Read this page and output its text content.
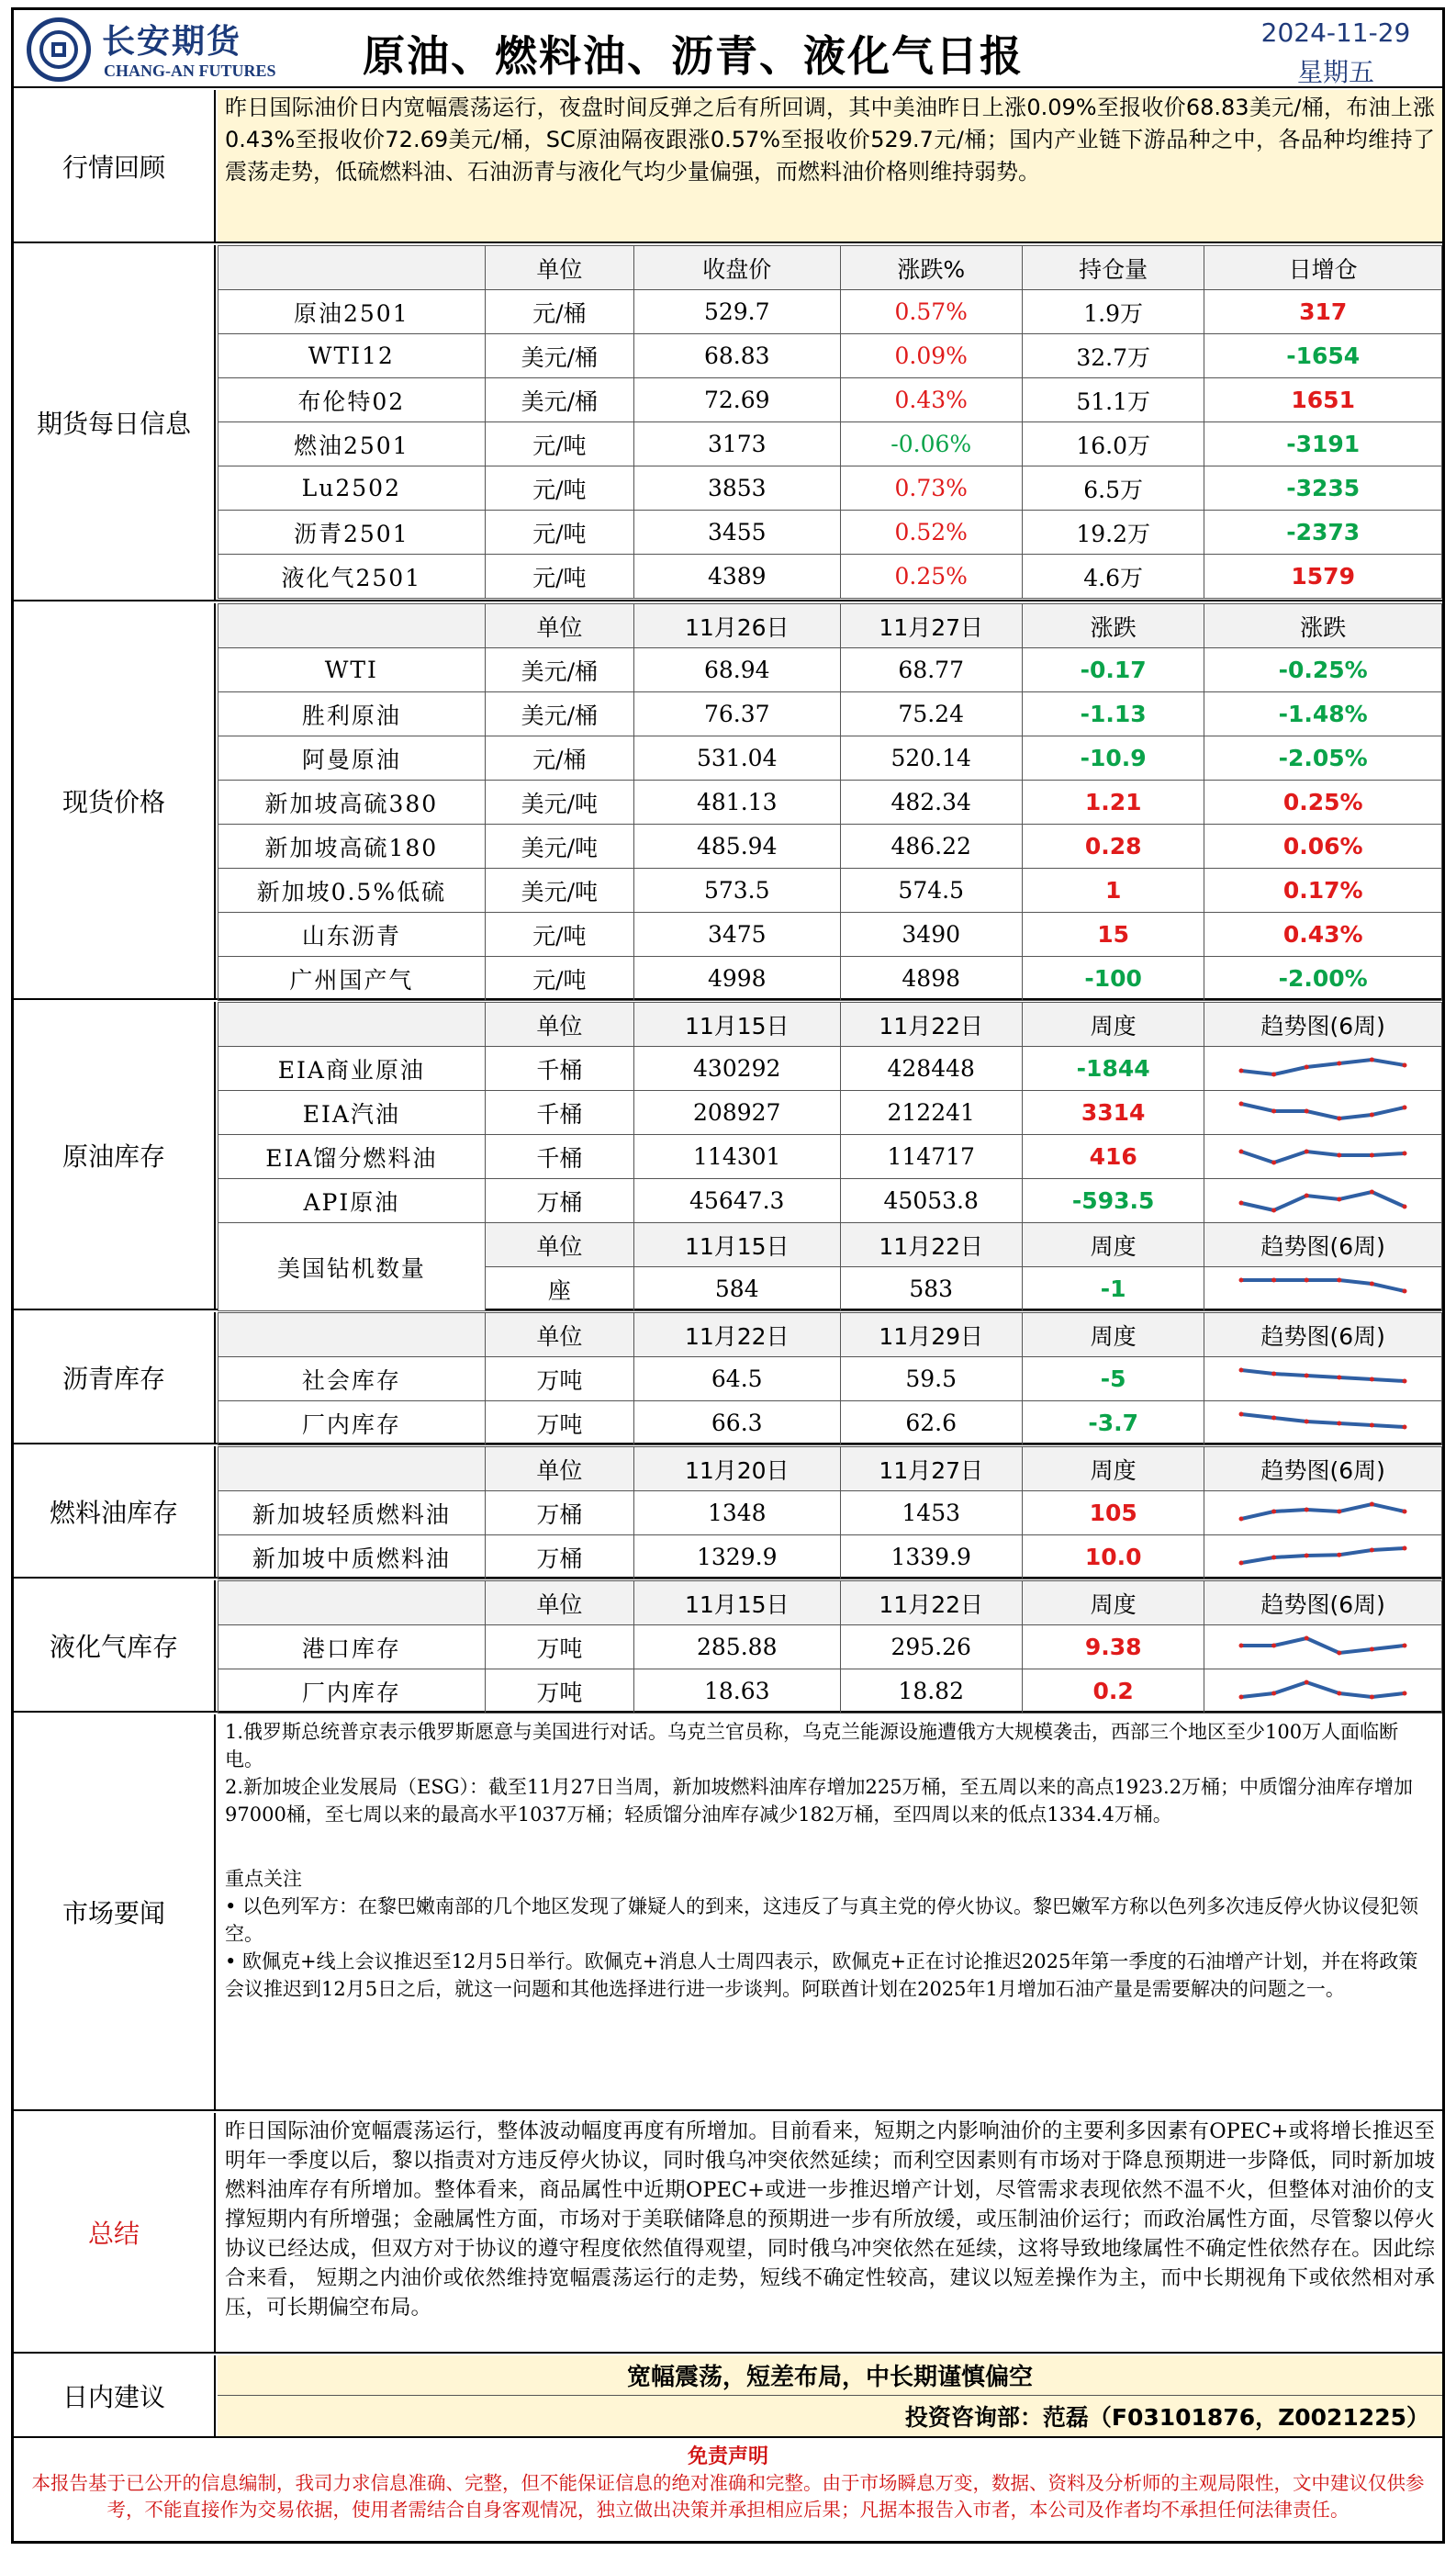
长安期货
CHANG-AN FUTURES	原油、燃料油、沥青、液化气日报	2024-11-29
星期五
行情回顾
昨日国际油价日内宽幅震荡运行，夜盘时间反弹之后有所回调，其中美油昨日上涨0.09%至报收价68.83美元/桶，布油上涨0.43%至报收价72.69美元/桶，SC原油隔夜跟涨0.57%至报收价529.7元/桶；国内产业链下游品种之中，各品种均维持了震荡走势，低硫燃料油、石油沥青与液化气均少量偏强，而燃料油价格则维持弱势。
期货每日信息
	单位	收盘价	涨跌%	持仓量	日增仓
原油2501	元/桶	529.7	0.57%	1.9万	317
WTI12	美元/桶	68.83	0.09%	32.7万	-1654
布伦特02	美元/桶	72.69	0.43%	51.1万	1651
燃油2501	元/吨	3173	-0.06%	16.0万	-3191
Lu2502	元/吨	3853	0.73%	6.5万	-3235
沥青2501	元/吨	3455	0.52%	19.2万	-2373
液化气2501	元/吨	4389	0.25%	4.6万	1579
现货价格
	单位	11月26日	11月27日	涨跌	涨跌
WTI	美元/桶	68.94	68.77	-0.17	-0.25%
胜利原油	美元/桶	76.37	75.24	-1.13	-1.48%
阿曼原油	元/桶	531.04	520.14	-10.9	-2.05%
新加坡高硫380	美元/吨	481.13	482.34	1.21	0.25%
新加坡高硫180	美元/吨	485.94	486.22	0.28	0.06%
新加坡0.5%低硫	美元/吨	573.5	574.5	1	0.17%
山东沥青	元/吨	3475	3490	15	0.43%
广州国产气	元/吨	4998	4898	-100	-2.00%
原油库存
	单位	11月15日	11月22日	周度	趋势图(6周)
EIA商业原油	千桶	430292	428448	-1844	

EIA汽油	千桶	208927	212241	3314	

EIA馏分燃料油	千桶	114301	114717	416	

API原油	万桶	45647.3	45053.8	-593.5	

美国钻机数量	单位	11月15日	11月22日	周度	趋势图(6周)
	座	584	583	-1	
沥青库存
	单位	11月22日	11月29日	周度	趋势图(6周)
社会库存	万吨	64.5	59.5	-5	

厂内库存	万吨	66.3	62.6	-3.7	
燃料油库存
	单位	11月20日	11月27日	周度	趋势图(6周)
新加坡轻质燃料油	万桶	1348	1453	105	

新加坡中质燃料油	万桶	1329.9	1339.9	10.0	
液化气库存
	单位	11月15日	11月22日	周度	趋势图(6周)
港口库存	万吨	285.88	295.26	9.38	

厂内库存	万吨	18.63	18.82	0.2	
市场要闻

1.俄罗斯总统普京表示俄罗斯愿意与美国进行对话。乌克兰官员称，乌克兰能源设施遭俄方大规模袭击，西部三个地区至少100万人面临断电。

2.新加坡企业发展局（ESG）：截至11月27日当周，新加坡燃料油库存增加225万桶，至五周以来的高点1923.2万桶；中质馏分油库存增加97000桶，至七周以来的最高水平1037万桶；轻质馏分油库存减少182万桶，至四周以来的低点1334.4万桶。

重点关注

• 以色列军方：在黎巴嫩南部的几个地区发现了嫌疑人的到来，这违反了与真主党的停火协议。黎巴嫩军方称以色列多次违反停火协议侵犯领空。

• 欧佩克+线上会议推迟至12月5日举行。欧佩克+消息人士周四表示，欧佩克+正在讨论推迟2025年第一季度的石油增产计划，并在将政策会议推迟到12月5日之后，就这一问题和其他选择进行进一步谈判。阿联酋计划在2025年1月增加石油产量是需要解决的问题之一。

总结
昨日国际油价宽幅震荡运行，整体波动幅度再度有所增加。目前看来，短期之内影响油价的主要利多因素有OPEC+或将增长推迟至明年一季度以后，黎以指责对方违反停火协议，同时俄乌冲突依然延续；而利空因素则有市场对于降息预期进一步降低，同时新加坡燃料油库存有所增加。整体看来，商品属性中近期OPEC+或进一步推迟增产计划，尽管需求表现依然不温不火，但整体对油价的支撑短期内有所增强；金融属性方面，市场对于美联储降息的预期进一步有所放缓，或压制油价运行；而政治属性方面，尽管黎以停火协议已经达成，但双方对于协议的遵守程度依然值得观望，同时俄乌冲突依然在延续，这将导致地缘属性不确定性依然存在。因此综合来看， 短期之内油价或依然维持宽幅震荡运行的走势，短线不确定性较高，建议以短差操作为主，而中长期视角下或依然相对承压，可长期偏空布局。
日内建议
宽幅震荡，短差布局，中长期谨慎偏空
投资咨询部：范磊（F03101876，Z0021225）
免责声明
本报告基于已公开的信息编制，我司力求信息准确、完整，但不能保证信息的绝对准确和完整。由于市场瞬息万变，数据、资料及分析师的主观局限性，文中建议仅供参考，不能直接作为交易依据，使用者需结合自身客观情况，独立做出决策并承担相应后果；凡据本报告入市者，本公司及作者均不承担任何法律责任。
